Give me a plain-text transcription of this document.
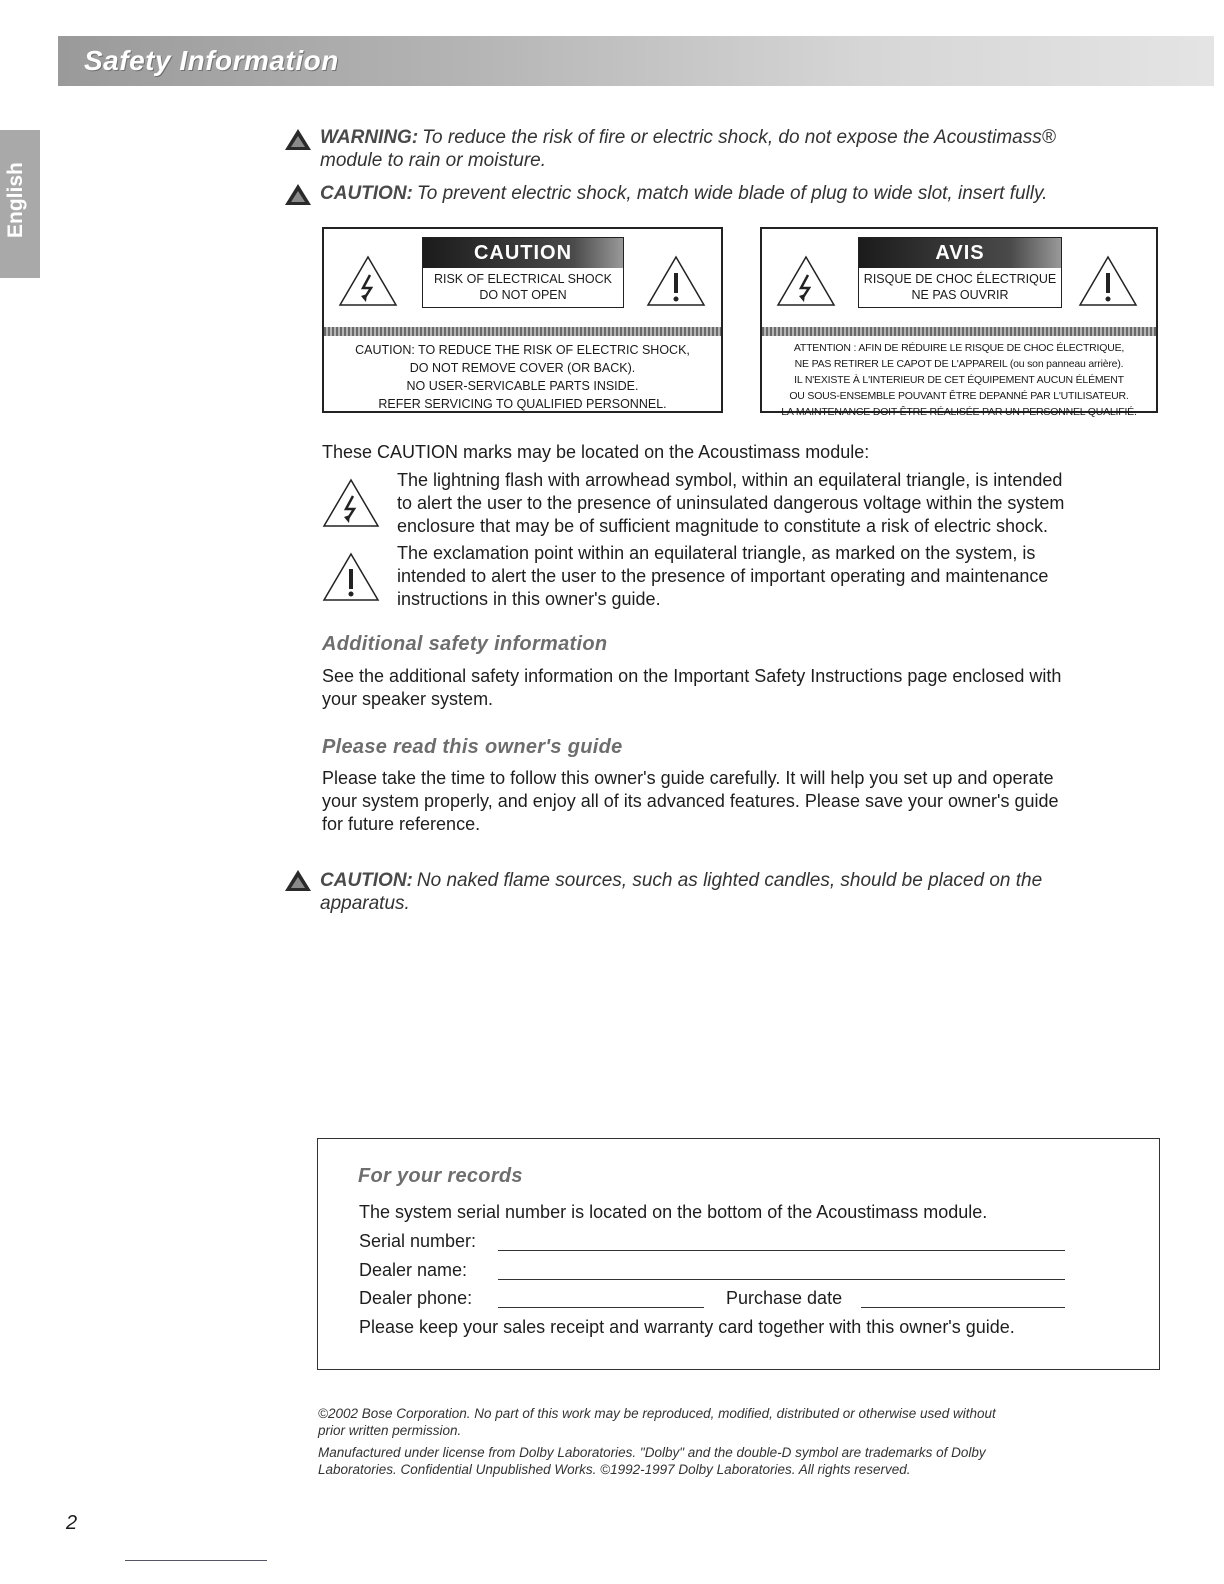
Safety Information
English
WARNING: To reduce the risk of fire or electric shock, do not expose the Acoustimass®
module to rain or moisture.
CAUTION: To prevent electric shock, match wide blade of plug to wide slot, insert fully.
CAUTION
RISK OF ELECTRICAL SHOCK
DO NOT OPEN
CAUTION: TO REDUCE THE RISK OF ELECTRIC SHOCK,
DO NOT REMOVE COVER (OR BACK).
NO USER-SERVICABLE PARTS INSIDE.
REFER SERVICING TO QUALIFIED PERSONNEL.
AVIS
RISQUE DE CHOC ÉLECTRIQUE
NE PAS OUVRIR
ATTENTION : AFIN DE RÉDUIRE LE RISQUE DE CHOC ÉLECTRIQUE,
NE PAS RETIRER LE CAPOT DE L'APPAREIL (ou son panneau arrière).
IL N'EXISTE À L'INTERIEUR DE CET ÉQUIPEMENT AUCUN ÉLÉMENT
OU SOUS-ENSEMBLE POUVANT ÊTRE DEPANNÉ PAR L'UTILISATEUR.
LA MAINTENANCE DOIT ÊTRE RÉALISÉE PAR UN PERSONNEL QUALIFIÉ.
These CAUTION marks may be located on the Acoustimass module:
The lightning flash with arrowhead symbol, within an equilateral triangle, is intended
to alert the user to the presence of uninsulated dangerous voltage within the system
enclosure that may be of sufficient magnitude to constitute a risk of electric shock.
The exclamation point within an equilateral triangle, as marked on the system, is
intended to alert the user to the presence of important operating and maintenance
instructions in this owner's guide.
Additional safety information
See the additional safety information on the Important Safety Instructions page enclosed with
your speaker system.
Please read this owner's guide
Please take the time to follow this owner's guide carefully. It will help you set up and operate
your system properly, and enjoy all of its advanced features. Please save your owner's guide
for future reference.
CAUTION: No naked flame sources, such as lighted candles, should be placed on the
apparatus.
For your records
The system serial number is located on the bottom of the Acoustimass module.
Serial number:
Dealer name:
Dealer phone:	Purchase date
Please keep your sales receipt and warranty card together with this owner's guide.
©2002 Bose Corporation. No part of this work may be reproduced, modified, distributed or otherwise used without
prior written permission.
Manufactured under license from Dolby Laboratories. "Dolby" and the double-D symbol are trademarks of Dolby
Laboratories. Confidential Unpublished Works. ©1992-1997 Dolby Laboratories. All rights reserved.
2
